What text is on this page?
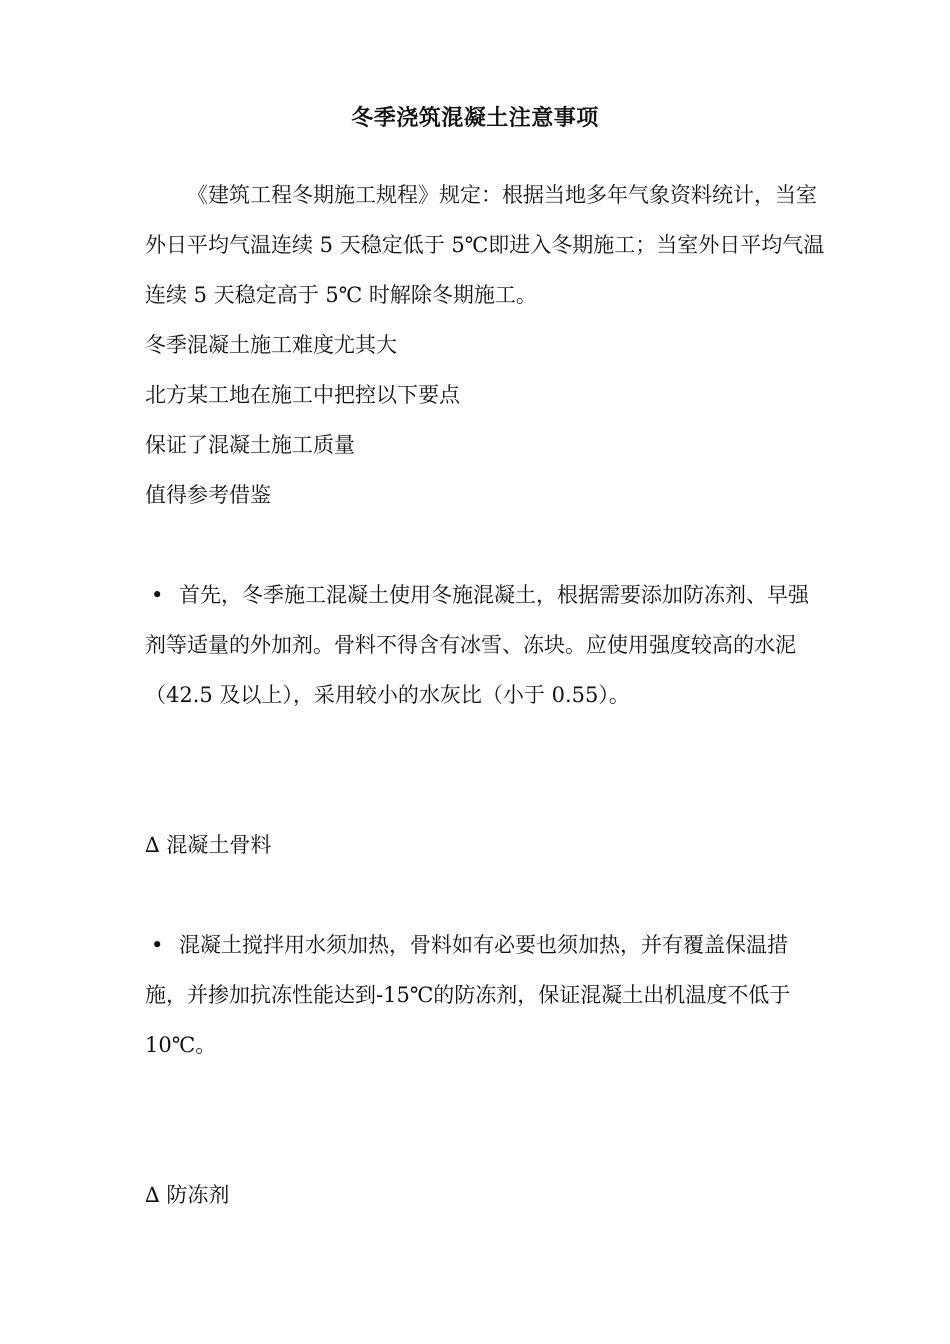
冬季浇筑混凝土注意事项

《建筑工程冬期施工规程》规定：根据当地多年气象资料统计，当室外日平均气温连续 5 天稳定低于 5℃即进入冬期施工；当室外日平均气温连续 5 天稳定高于 5℃ 时解除冬期施工。

冬季混凝土施工难度尤其大

北方某工地在施工中把控以下要点

保证了混凝土施工质量

值得参考借鉴

• 首先，冬季施工混凝土使用冬施混凝土，根据需要添加防冻剂、早强剂等适量的外加剂。骨料不得含有冰雪、冻块。应使用强度较高的水泥（42.5 及以上），采用较小的水灰比（小于 0.55）。

∆ 混凝土骨料

• 混凝土搅拌用水须加热，骨料如有必要也须加热，并有覆盖保温措施，并掺加抗冻性能达到-15℃的防冻剂，保证混凝土出机温度不低于 10℃。

∆ 防冻剂
